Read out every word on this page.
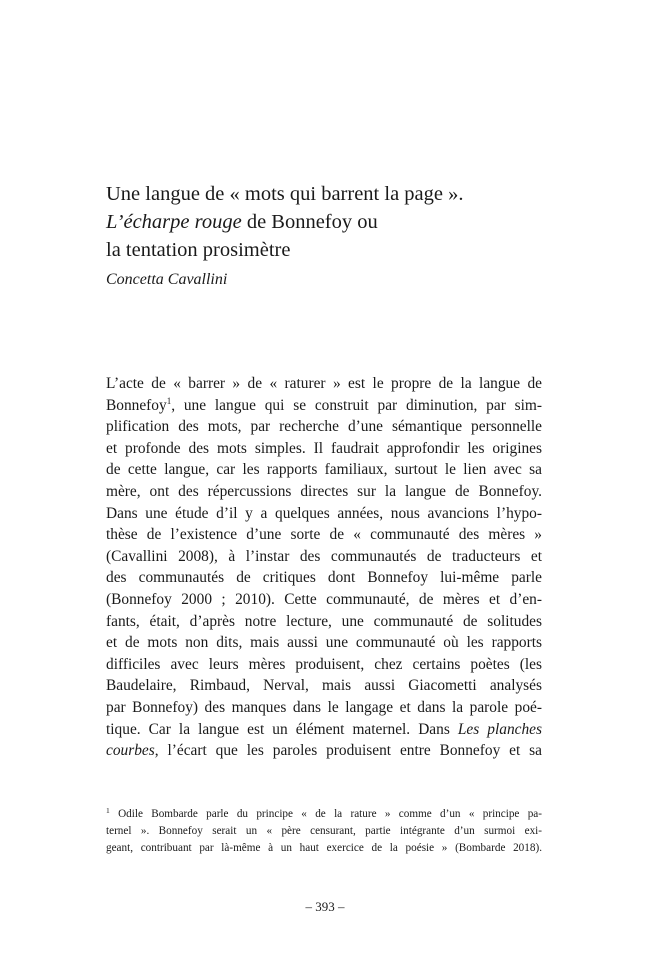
Une langue de « mots qui barrent la page ».
L’écharpe rouge de Bonnefoy ou
la tentation prosimètre
Concetta Cavallini
L’acte de « barrer » de « raturer » est le propre de la langue de
Bonnefoy$^1$, une langue qui se construit par diminution, par sim-
plification des mots, par recherche d’une sémantique personnelle
et profonde des mots simples. Il faudrait approfondir les origines
de cette langue, car les rapports familiaux, surtout le lien avec sa
mère, ont des répercussions directes sur la langue de Bonnefoy.
Dans une étude d’il y a quelques années, nous avancions l’hypo-
thèse de l’existence d’une sorte de « communauté des mères »
(Cavallini 2008), à l’instar des communautés de traducteurs et
des communautés de critiques dont Bonnefoy lui-même parle
(Bonnefoy 2000 ; 2010). Cette communauté, de mères et d’en-
fants, était, d’après notre lecture, une communauté de solitudes
et de mots non dits, mais aussi une communauté où les rapports
difficiles avec leurs mères produisent, chez certains poètes (les
Baudelaire, Rimbaud, Nerval, mais aussi Giacometti analysés
par Bonnefoy) des manques dans le langage et dans la parole poé-
tique. Car la langue est un élément maternel. Dans Les planches
courbes, l’écart que les paroles produisent entre Bonnefoy et sa
$^1$ Odile Bombarde parle du principe « de la rature » comme d’un « principe pa-
ternel ». Bonnefoy serait un « père censurant, partie intégrante d’un surmoi exi-
geant, contribuant par là-même à un haut exercice de la poésie » (Bombarde 2018).
– 393 –
